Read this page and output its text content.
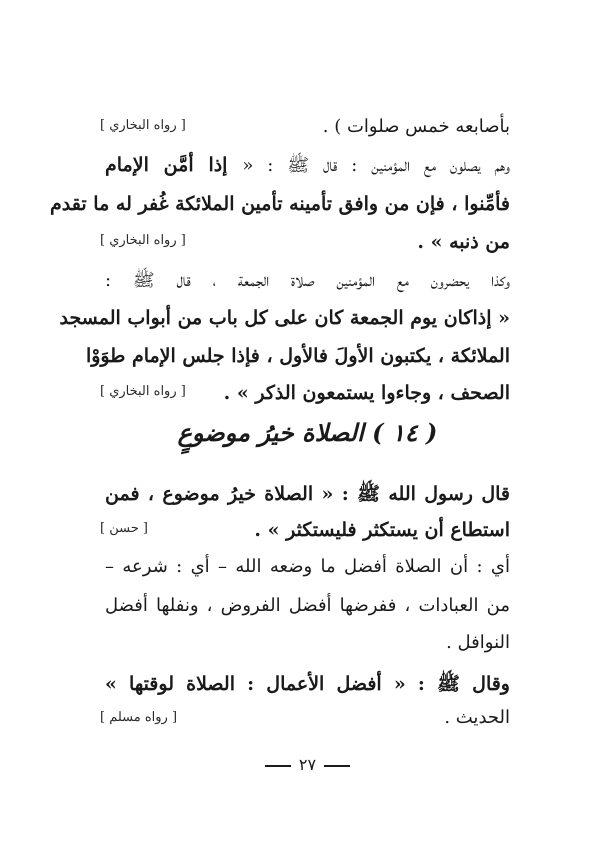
بأصابعه خمس صلوات ) .
[ رواه البخاري ]
وهم يصلون مع المؤمنين : قال ﷺ : « إذا أمَّن الإمام
فأمِّنوا ، فإن من وافق تأمينه تأمين الملائكة غُفر له ما تقدم
من ذنبه » .
[ رواه البخاري ]
وكذا يحضرون مع المؤمنين صلاة الجمعة ، قال ﷺ :
« إذاكان يوم الجمعة كان على كل باب من أبواب المسجد
الملائكة ، يكتبون الأولَ فالأول ، فإذا جلس الإمام طوَوْا
الصحف ، وجاءوا يستمعون الذكر » .
[ رواه البخاري ]
( ١٤ ) الصلاة خيرُ موضوعٍ
قال رسول الله ﷺ : « الصلاة خيرُ موضوع ، فمن
استطاع أن يستكثر فليستكثر » .
[ حسن ]
أي : أن الصلاة أفضل ما وضعه الله – أي : شرعه –
من العبادات ، ففرضها أفضل الفروض ، ونفلها أفضل
النوافل .
وقال ﷺ : « أفضل الأعمال : الصلاة لوقتها »
الحديث .
[ رواه مسلم ]
٢٧
